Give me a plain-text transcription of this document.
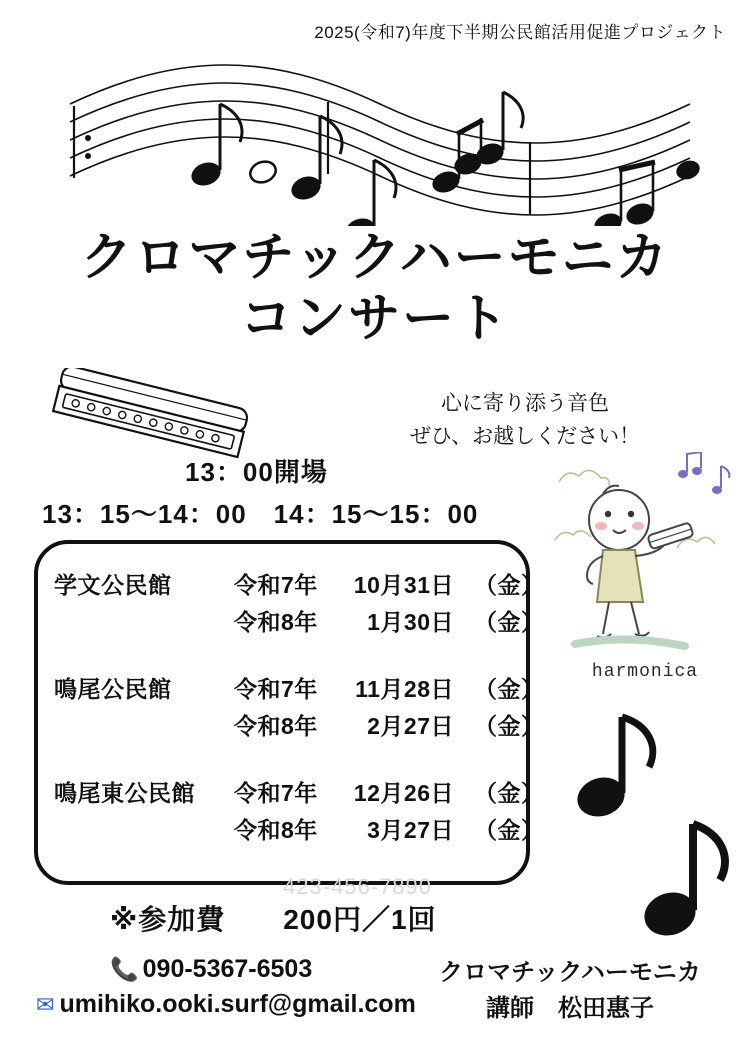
2025(令和7)年度下半期公民館活用促進プロジェクト
クロマチックハーモニカ
コンサート
心に寄り添う音色
ぜひ、お越しください！
13：00開場
13：15〜14：00　14：15〜15：00
学文公民館	令和7年	10月31日 （金）
令和8年	1月30日 （金）
鳴尾公民館	令和7年	11月28日 （金）
令和8年	2月27日 （金）
鳴尾東公民館	令和7年	12月26日 （金）
令和8年	3月27日 （金）
423-456-7890
※参加費　　200円／1回
📞 090-5367-6503
✉ umihiko.ooki.surf@gmail.com
クロマチックハーモニカ
講師　松田惠子
harmonica
